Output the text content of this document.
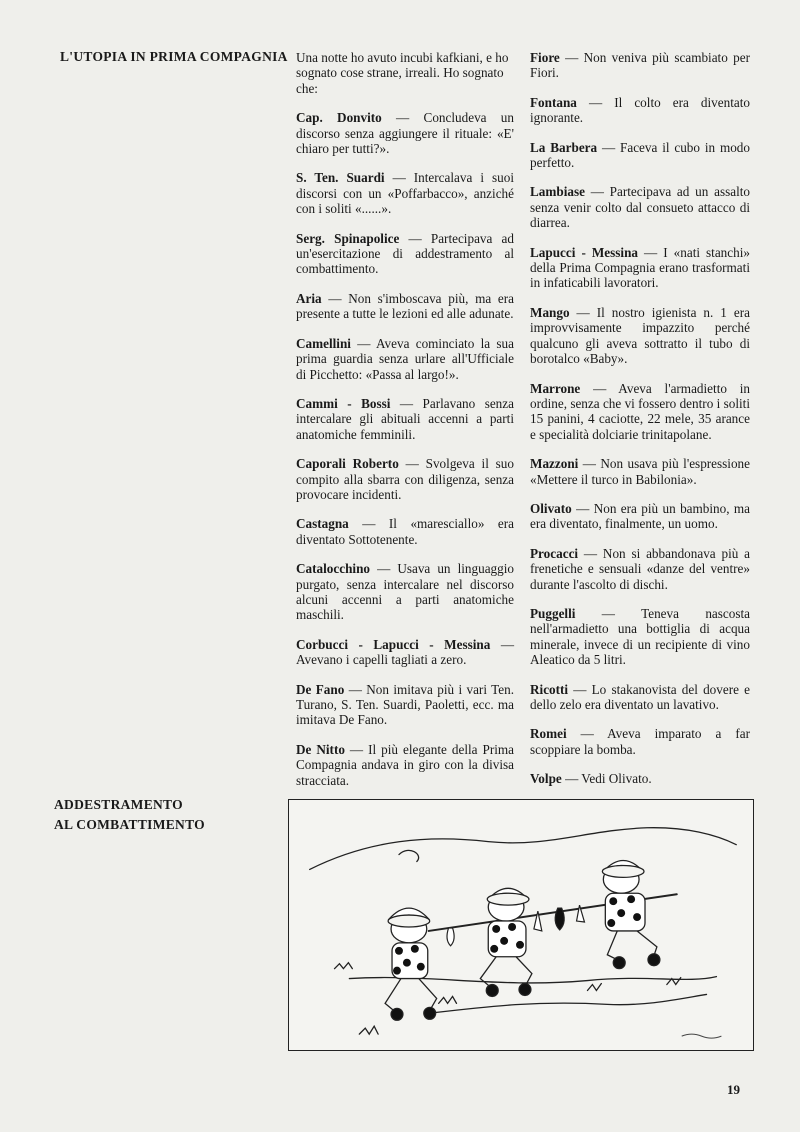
L'UTOPIA IN PRIMA COMPAGNIA
ADDESTRAMENTO
AL COMBATTIMENTO

Una notte ho avuto incubi kafkiani, e ho sognato cose strane, irreali. Ho sognato che:

Cap. Donvito — Concludeva un discorso senza aggiungere il rituale: «E' chiaro per tutti?».

S. Ten. Suardi — Intercalava i suoi discorsi con un «Poffarbacco», anziché con i soliti «......».

Serg. Spinapolice — Partecipava ad un'esercitazione di addestramento al combattimento.

Aria — Non s'imboscava più, ma era presente a tutte le lezioni ed alle adunate.

Camellini — Aveva cominciato la sua prima guardia senza urlare all'Ufficiale di Picchetto: «Passa al largo!».

Cammi - Bossi — Parlavano senza intercalare gli abituali accenni a parti anatomiche femminili.

Caporali Roberto — Svolgeva il suo compito alla sbarra con diligenza, senza provocare incidenti.

Castagna — Il «maresciallo» era diventato Sottotenente.

Catalocchino — Usava un linguaggio purgato, senza intercalare nel discorso alcuni accenni a parti anatomiche maschili.

Corbucci - Lapucci - Messina — Avevano i capelli tagliati a zero.

De Fano — Non imitava più i vari Ten. Turano, S. Ten. Suardi, Paoletti, ecc. ma imitava De Fano.

De Nitto — Il più elegante della Prima Compagnia andava in giro con la divisa stracciata.

Fiore — Non veniva più scambiato per Fiori.

Fontana — Il colto era diventato ignorante.

La Barbera — Faceva il cubo in modo perfetto.

Lambiase — Partecipava ad un assalto senza venir colto dal consueto attacco di diarrea.

Lapucci - Messina — I «nati stanchi» della Prima Compagnia erano trasformati in infaticabili lavoratori.

Mango — Il nostro igienista n. 1 era improvvisamente impazzito perché qualcuno gli aveva sottratto il tubo di borotalco «Baby».

Marrone — Aveva l'armadietto in ordine, senza che vi fossero dentro i soliti 15 panini, 4 caciotte, 22 mele, 35 arance e specialità dolciarie trinitapolane.

Mazzoni — Non usava più l'espressione «Mettere il turco in Babilonia».

Olivato — Non era più un bambino, ma era diventato, finalmente, un uomo.

Procacci — Non si abbandonava più a frenetiche e sensuali «danze del ventre» durante l'ascolto di dischi.

Puggelli — Teneva nascosta nell'armadietto una bottiglia di acqua minerale, invece di un recipiente di vino Aleatico da 5 litri.

Ricotti — Lo stakanovista del dovere e dello zelo era diventato un lavativo.

Romei — Aveva imparato a far scoppiare la bomba.

Volpe — Vedi Olivato.

19
